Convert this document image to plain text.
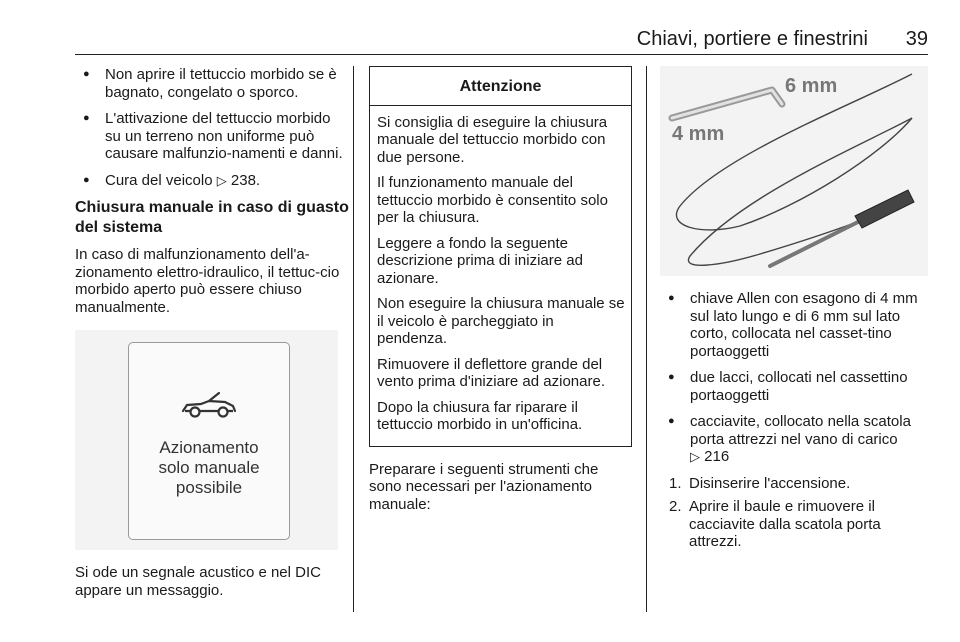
Chiavi, portiere e finestrini 39
● Non aprire il tettuccio morbido se è bagnato, congelato o sporco.
● L'attivazione del tettuccio morbido su un terreno non uniforme può causare malfunzio-namenti e danni.
● Cura del veicolo ▷ 238.
Chiusura manuale in caso di guasto del sistema

In caso di malfunzionamento dell'a-zionamento elettro-idraulico, il tettuc-cio morbido aperto può essere chiuso manualmente.

Azionamento
solo manuale
possibile

Si ode un segnale acustico e nel DIC appare un messaggio.

Attenzione

Si consiglia di eseguire la chiusura manuale del tettuccio morbido con due persone.

Il funzionamento manuale del tettuccio morbido è consentito solo per la chiusura.

Leggere a fondo la seguente descrizione prima di iniziare ad azionare.

Non eseguire la chiusura manuale se il veicolo è parcheggiato in pendenza.

Rimuovere il deflettore grande del vento prima d'iniziare ad azionare.

Dopo la chiusura far riparare il tettuccio morbido in un'officina.

Preparare i seguenti strumenti che sono necessari per l'azionamento manuale:

4 mm
6 mm
● chiave Allen con esagono di 4 mm sul lato lungo e di 6 mm sul lato corto, collocata nel casset-tino portaoggetti
● due lacci, collocati nel cassettino portaoggetti
● cacciavite, collocato nella scatola porta attrezzi nel vano di carico
▷ 216
1. Disinserire l'accensione.
2. Aprire il baule e rimuovere il cacciavite dalla scatola porta attrezzi.
